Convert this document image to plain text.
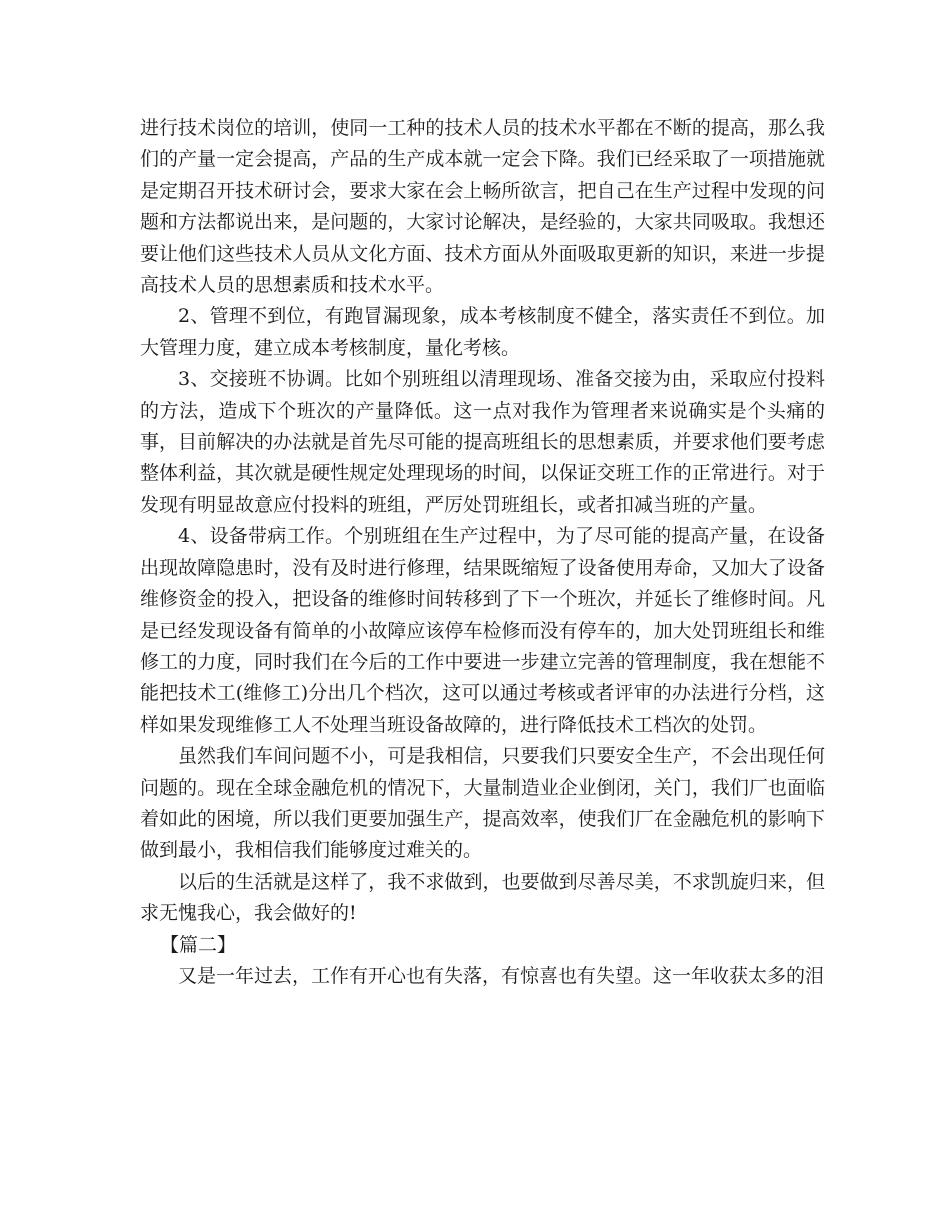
进行技术岗位的培训，使同一工种的技术人员的技术水平都在不断的提高，那么我们的产量一定会提高，产品的生产成本就一定会下降。我们已经采取了一项措施就是定期召开技术研讨会，要求大家在会上畅所欲言，把自己在生产过程中发现的问题和方法都说出来，是问题的，大家讨论解决，是经验的，大家共同吸取。我想还要让他们这些技术人员从文化方面、技术方面从外面吸取更新的知识，来进一步提高技术人员的思想素质和技术水平。

2、管理不到位，有跑冒漏现象，成本考核制度不健全，落实责任不到位。加大管理力度，建立成本考核制度，量化考核。

3、交接班不协调。比如个别班组以清理现场、准备交接为由，采取应付投料的方法，造成下个班次的产量降低。这一点对我作为管理者来说确实是个头痛的事，目前解决的办法就是首先尽可能的提高班组长的思想素质，并要求他们要考虑整体利益，其次就是硬性规定处理现场的时间，以保证交班工作的正常进行。对于发现有明显故意应付投料的班组，严厉处罚班组长，或者扣减当班的产量。

4、设备带病工作。个别班组在生产过程中，为了尽可能的提高产量，在设备出现故障隐患时，没有及时进行修理，结果既缩短了设备使用寿命，又加大了设备维修资金的投入，把设备的维修时间转移到了下一个班次，并延长了维修时间。凡是已经发现设备有简单的小故障应该停车检修而没有停车的，加大处罚班组长和维修工的力度，同时我们在今后的工作中要进一步建立完善的管理制度，我在想能不能把技术工(维修工)分出几个档次，这可以通过考核或者评审的办法进行分档，这样如果发现维修工人不处理当班设备故障的，进行降低技术工档次的处罚。

虽然我们车间问题不小，可是我相信，只要我们只要安全生产，不会出现任何问题的。现在全球金融危机的情况下，大量制造业企业倒闭，关门，我们厂也面临着如此的困境，所以我们更要加强生产，提高效率，使我们厂在金融危机的影响下做到最小，我相信我们能够度过难关的。

以后的生活就是这样了，我不求做到，也要做到尽善尽美，不求凯旋归来，但求无愧我心，我会做好的!

【篇二】

又是一年过去，工作有开心也有失落，有惊喜也有失望。这一年收获太多的泪
